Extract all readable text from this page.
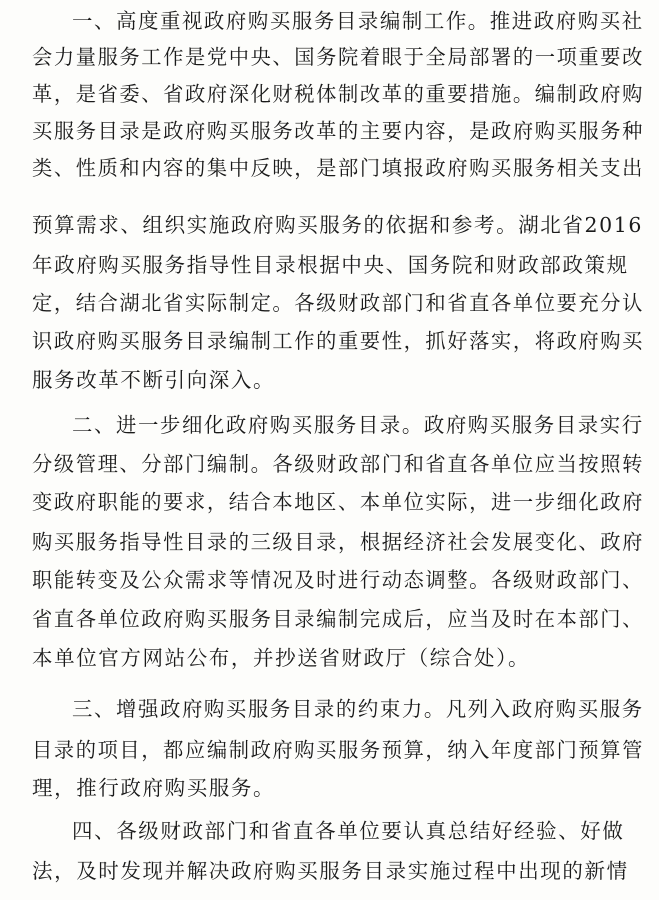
一、高度重视政府购买服务目录编制工作。推进政府购买社
会力量服务工作是党中央、国务院着眼于全局部署的一项重要改
革，是省委、省政府深化财税体制改革的重要措施。编制政府购
买服务目录是政府购买服务改革的主要内容，是政府购买服务种
类、性质和内容的集中反映，是部门填报政府购买服务相关支出
预算需求、组织实施政府购买服务的依据和参考。湖北省2016
年政府购买服务指导性目录根据中央、国务院和财政部政策规
定，结合湖北省实际制定。各级财政部门和省直各单位要充分认
识政府购买服务目录编制工作的重要性，抓好落实，将政府购买
服务改革不断引向深入。
二、进一步细化政府购买服务目录。政府购买服务目录实行
分级管理、分部门编制。各级财政部门和省直各单位应当按照转
变政府职能的要求，结合本地区、本单位实际，进一步细化政府
购买服务指导性目录的三级目录，根据经济社会发展变化、政府
职能转变及公众需求等情况及时进行动态调整。各级财政部门、
省直各单位政府购买服务目录编制完成后，应当及时在本部门、
本单位官方网站公布，并抄送省财政厅（综合处）。
三、增强政府购买服务目录的约束力。凡列入政府购买服务
目录的项目，都应编制政府购买服务预算，纳入年度部门预算管
理，推行政府购买服务。
四、各级财政部门和省直各单位要认真总结好经验、好做
法，及时发现并解决政府购买服务目录实施过程中出现的新情
